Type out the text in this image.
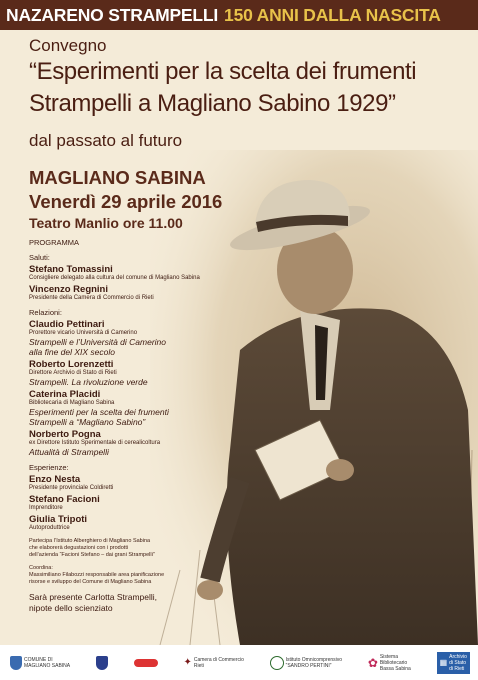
NAZARENO STRAMPELLI 150 ANNI DALLA NASCITA
Convegno
“Esperimenti per la scelta dei frumenti
Strampelli a Magliano Sabino 1929”
dal passato al futuro
MAGLIANO SABINA
Venerdì 29 aprile 2016
Teatro Manlio ore 11.00
PROGRAMMA
Saluti:
Stefano Tomassini
Consigliere delegato alla cultura del comune di Magliano Sabina
Vincenzo Regnini
Presidente della Camera di Commercio di Rieti
Relazioni:
Claudio Pettinari
Prorettore vicario Università di Camerino
Strampelli e l’Università di Camerino
alla fine del XIX secolo
Roberto Lorenzetti
Direttore Archivio di Stato di Rieti
Strampelli. La rivoluzione verde
Caterina Placidi
Bibliotecaria di Magliano Sabina
Esperimenti per la scelta dei frumenti
Strampelli a “Magliano Sabino”
Norberto Pogna
ex Direttore Istituto Sperimentale di cerealicoltura
Attualità di Strampelli
Esperienze:
Enzo Nesta
Presidente provinciale Coldiretti
Stefano Facioni
Imprenditore
Giulia Tripoti
Autoproduttrice
Partecipa l’Istituto Alberghiero di Magliano Sabina
che elaborerà degustazioni con i prodotti
dell’azienda “Facioni Stefano – dai grani Strampelli”
Coordina:
Massimiliano Filabozzi responsabile area pianificazione
risorse e sviluppo del Comune di Magliano Sabina
Sarà presente Carlotta Strampelli,
nipote dello scienziato
COMUNE DI
MAGLIANO SABINA	✦ Camera di Commercio
Rieti
Istituto Omnicomprensivo
“SANDRO PERTINI”	✿ Sistema
Bibliotecario
Bassa Sabina
▦
Archivio
di Stato
di Rieti
